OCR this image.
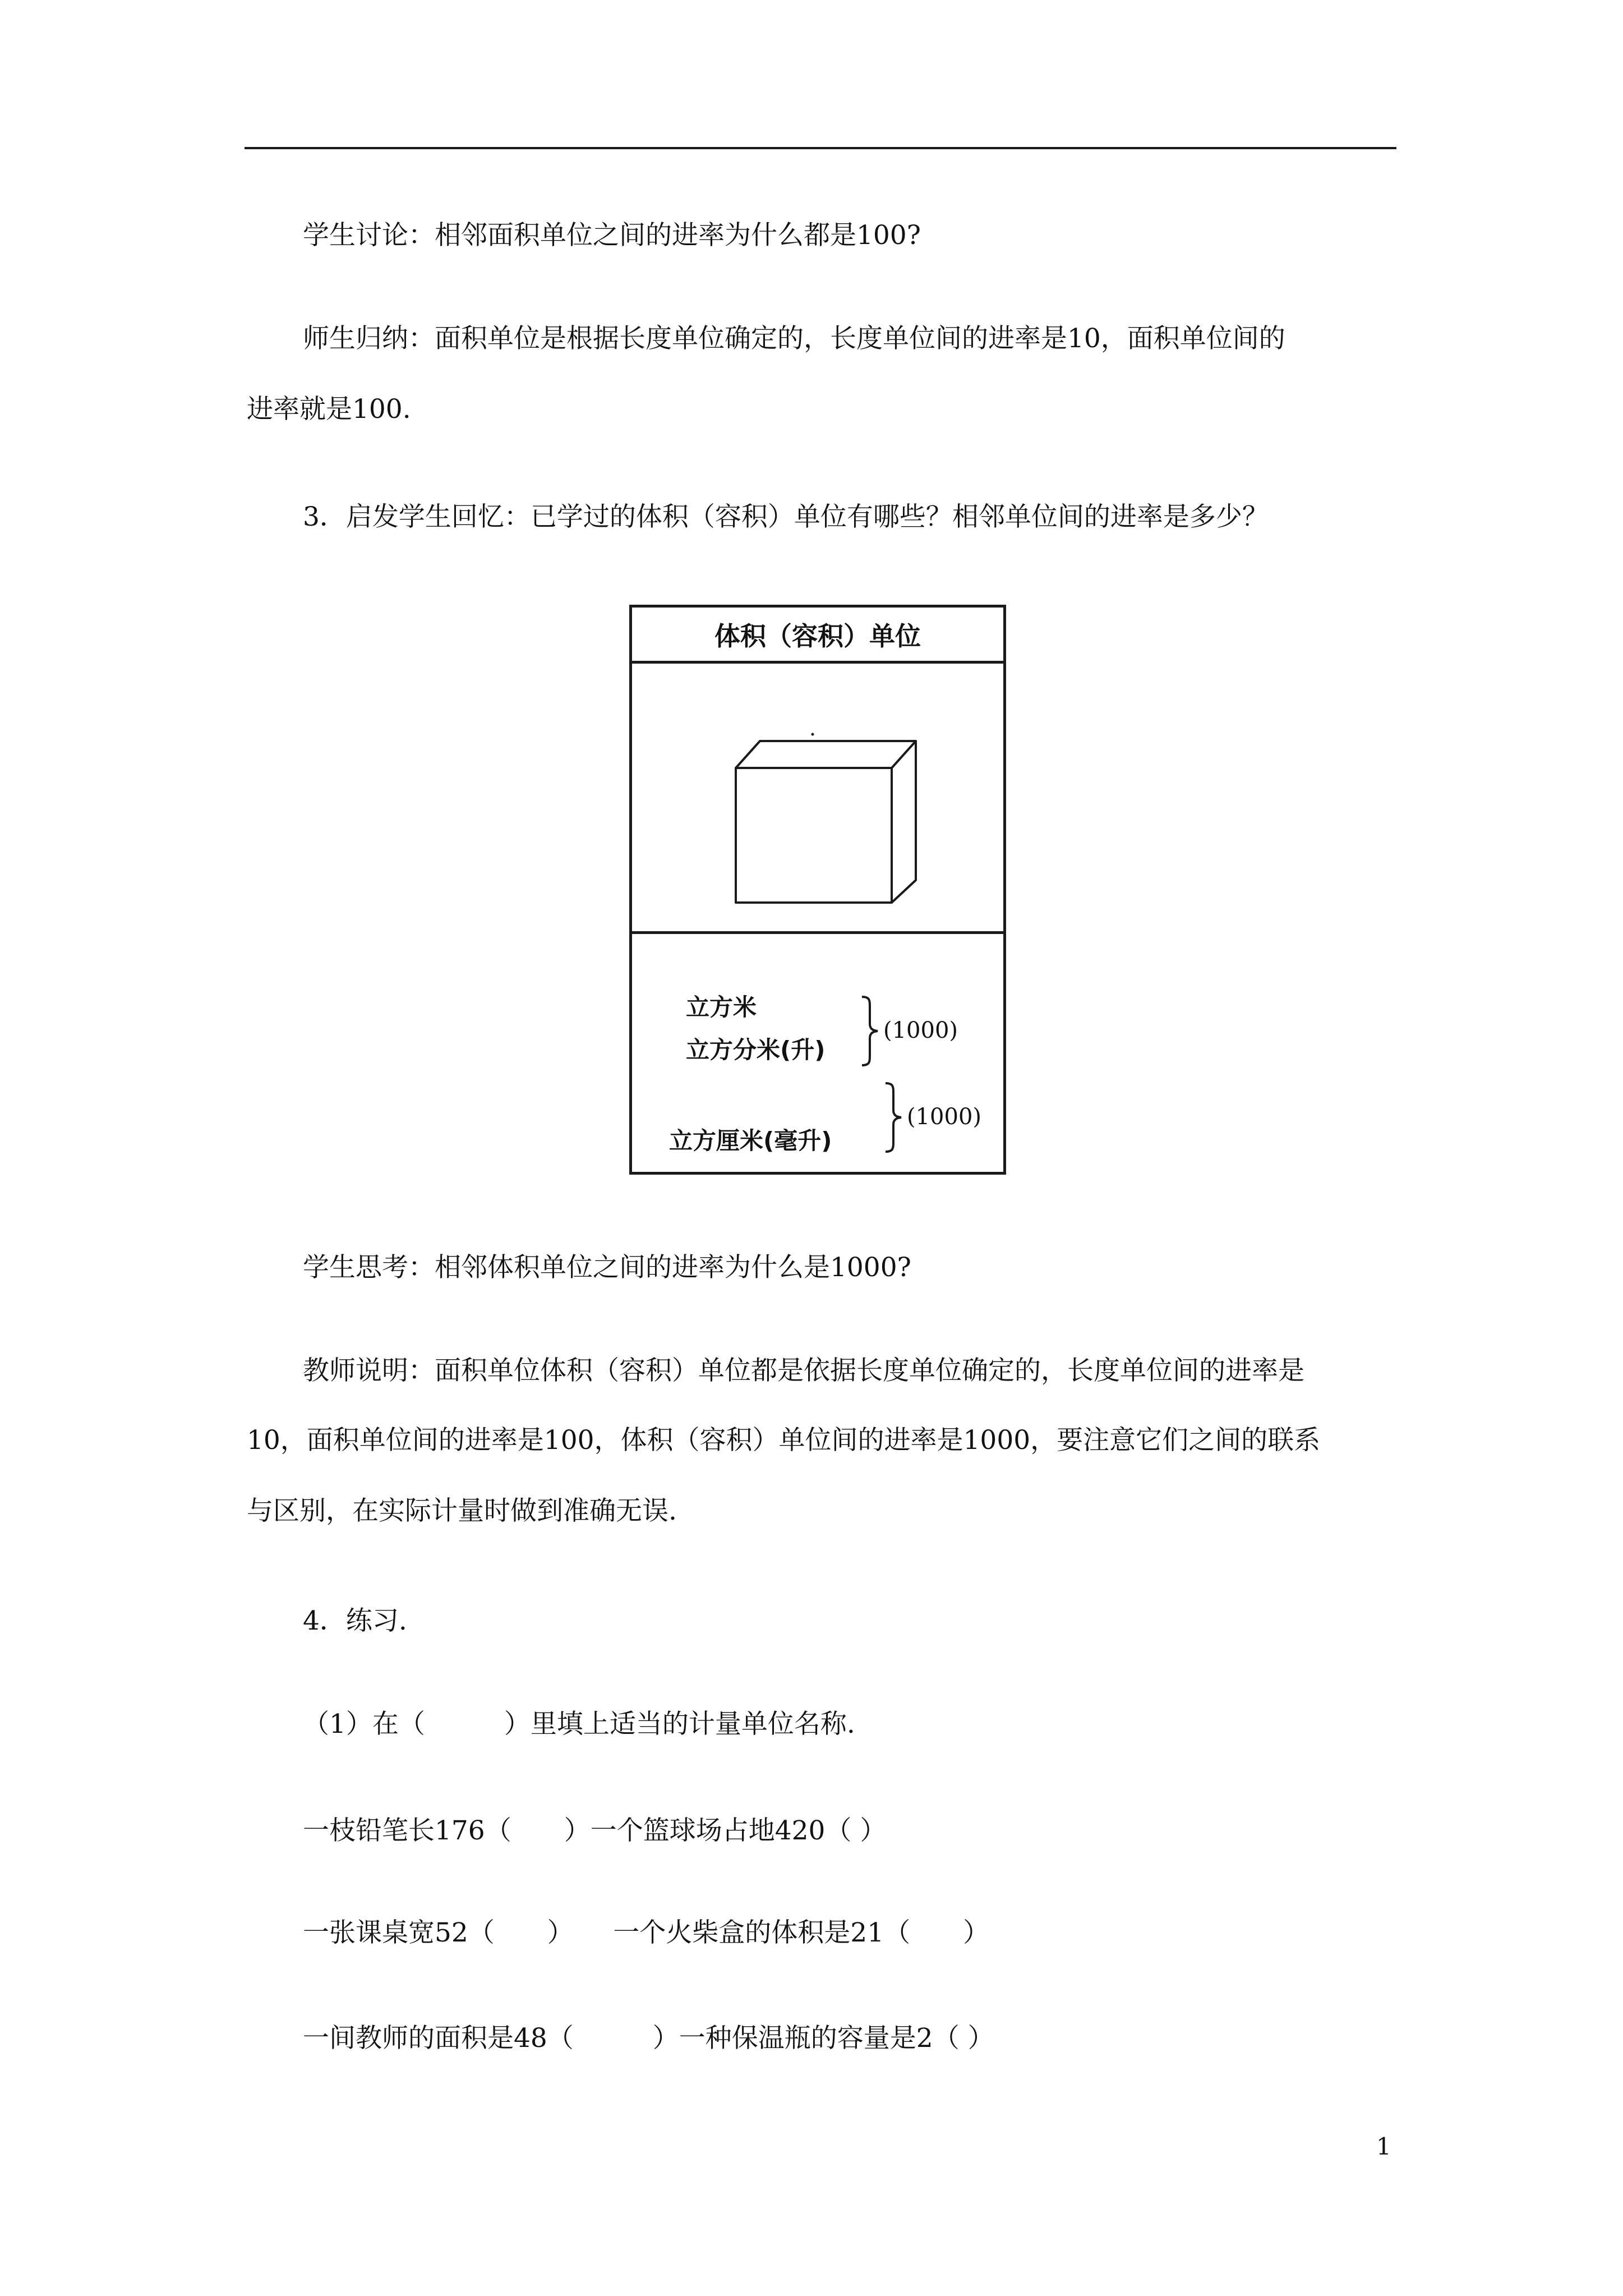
学生讨论：相邻面积单位之间的进率为什么都是100?

师生归纳：面积单位是根据长度单位确定的，长度单位间的进率是10，面积单位间的

进率就是100.

3．启发学生回忆：已学过的体积（容积）单位有哪些？相邻单位间的进率是多少？

体积（容积）单位
立方米
立方分米(升)
(1000)
(1000)
立方厘米(毫升)

学生思考：相邻体积单位之间的进率为什么是1000?

教师说明：面积单位体积（容积）单位都是依据长度单位确定的，长度单位间的进率是

10，面积单位间的进率是100，体积（容积）单位间的进率是1000，要注意它们之间的联系

与区别，在实际计量时做到准确无误.

4．练习.

（1）在（　　　）里填上适当的计量单位名称.

一枝铅笔长176（　　）一个篮球场占地420（ ）

一张课桌宽52（　　）　　一个火柴盒的体积是21（　　）

一间教师的面积是48（　　　）一种保温瓶的容量是2（ ）

1
